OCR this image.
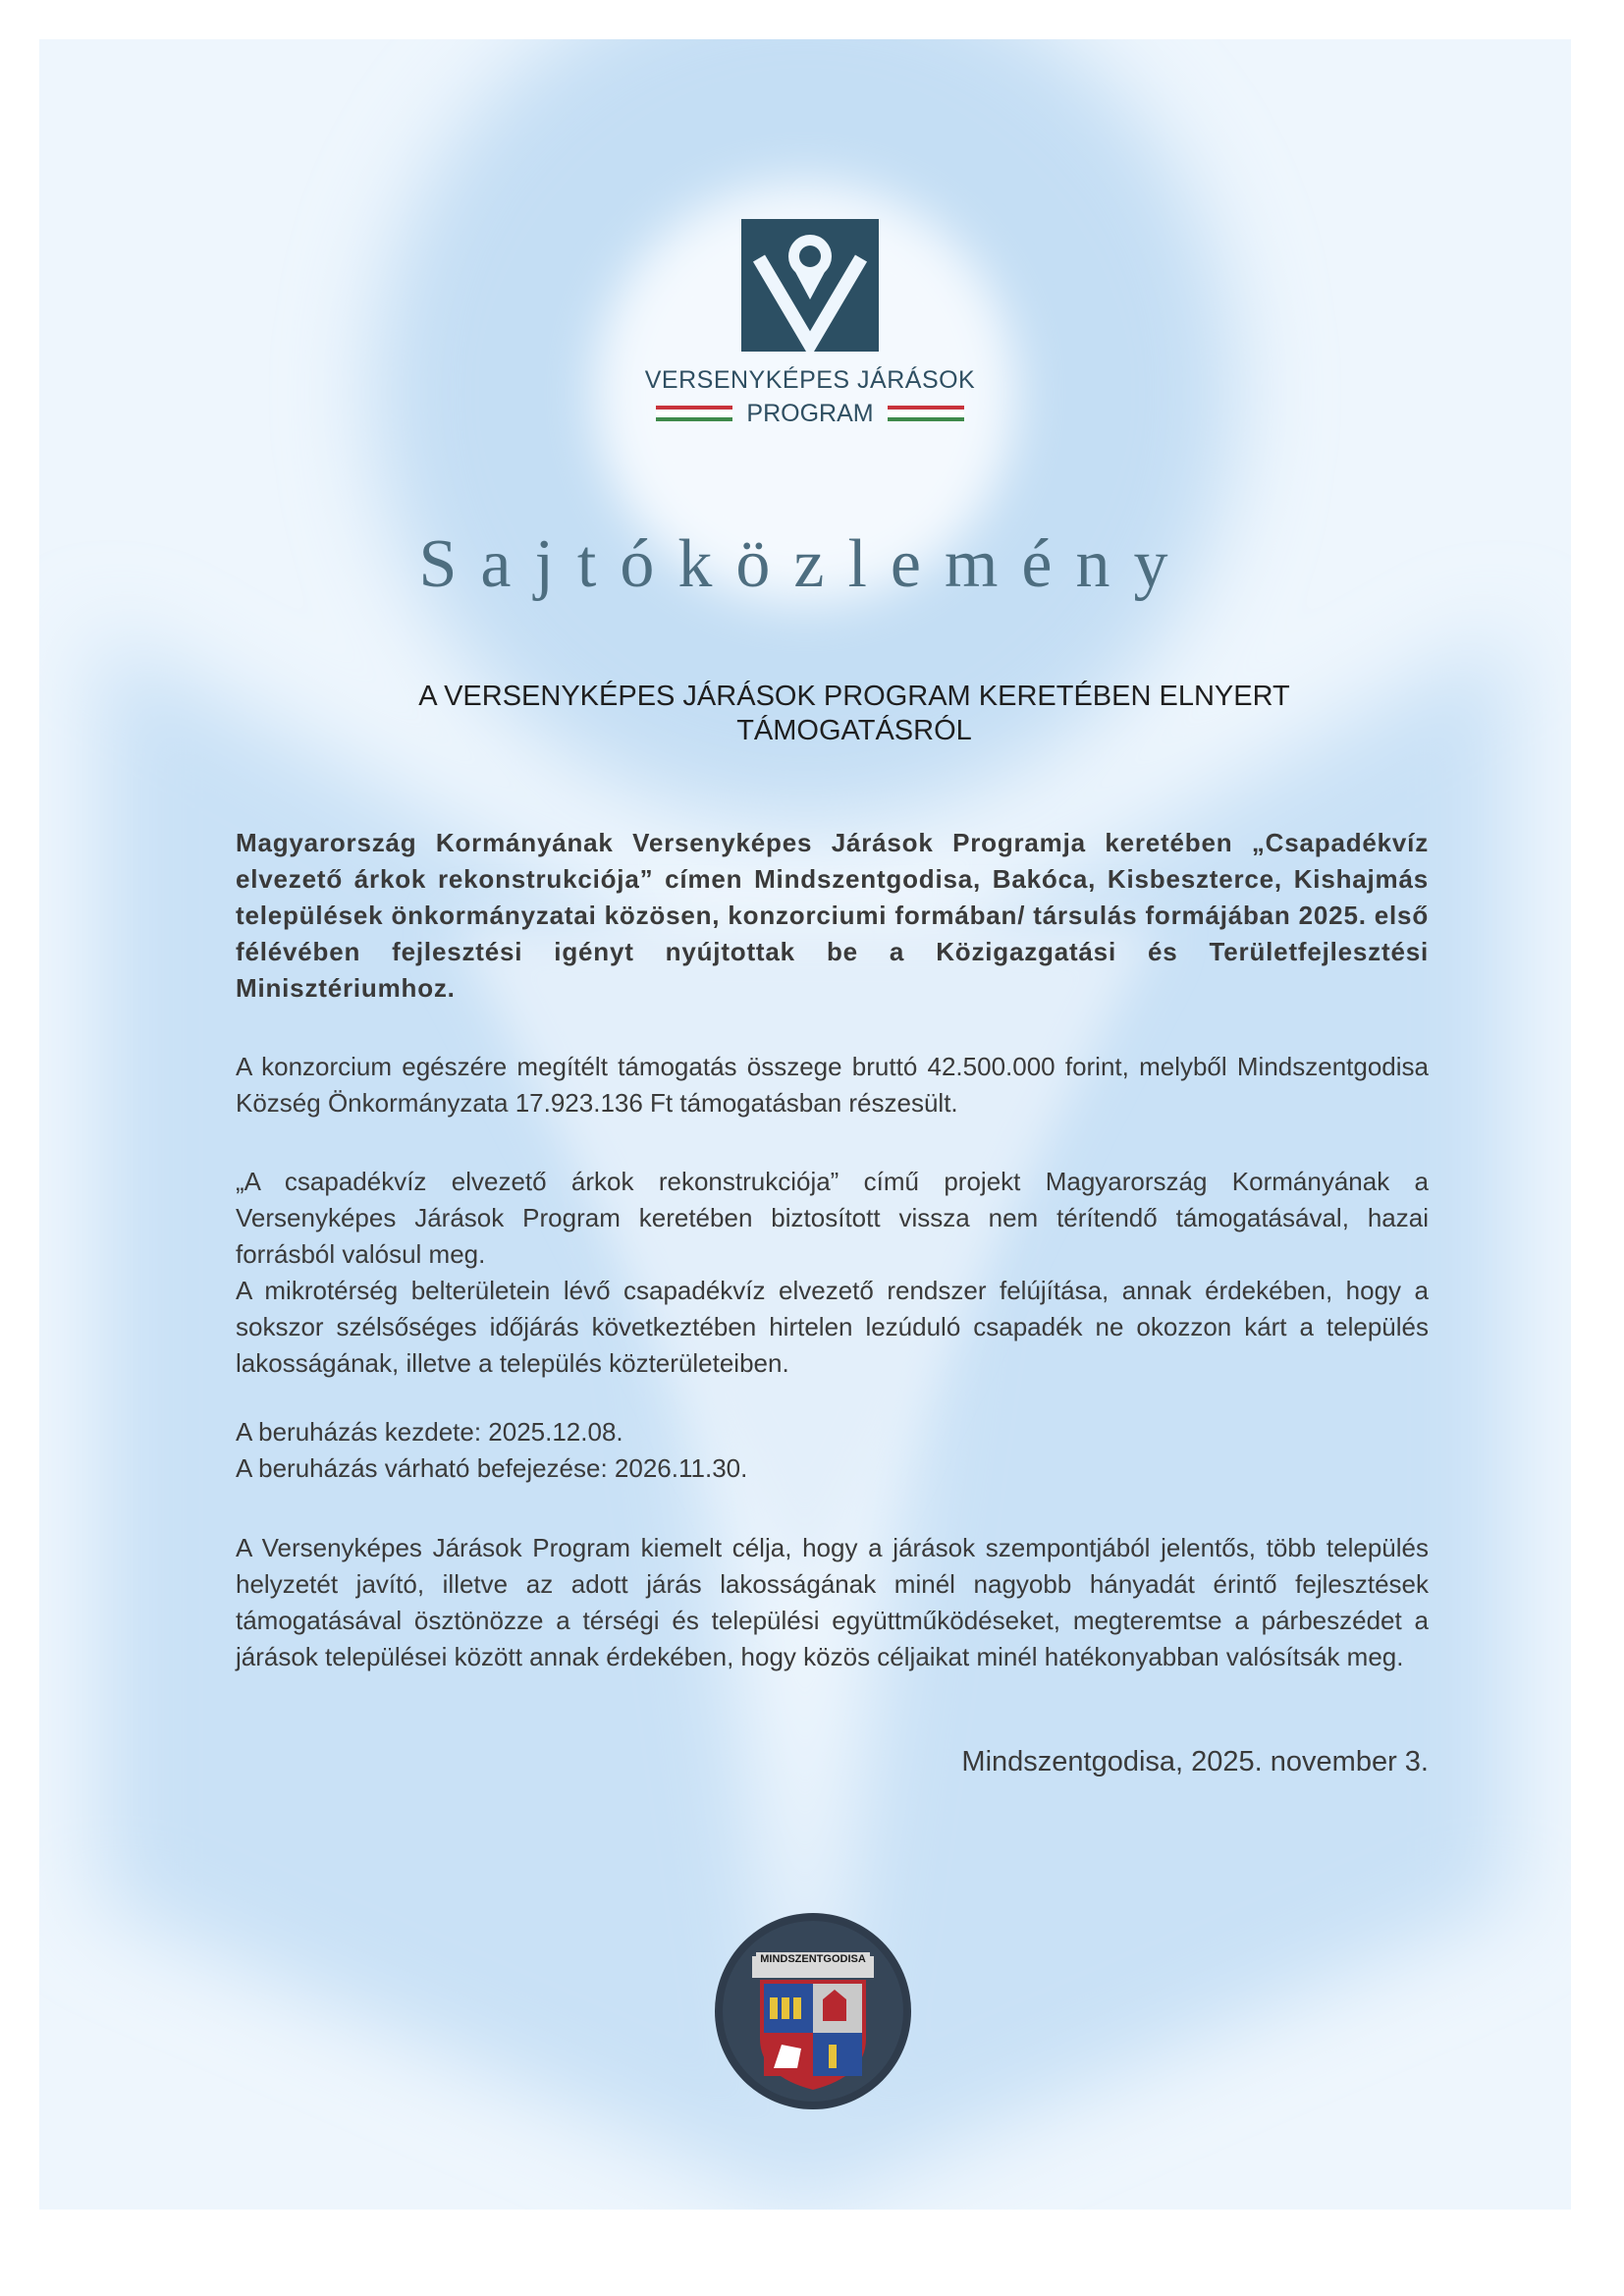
VERSENYKÉPES JÁRÁSOK
PROGRAM
Sajtóközlemény
A VERSENYKÉPES JÁRÁSOK PROGRAM KERETÉBEN ELNYERT
TÁMOGATÁSRÓL

Magyarország Kormányának Versenyképes Járások Programja keretében „Csapadékvíz elvezető árkok rekonstrukciója” címen Mindszentgodisa, Bakóca, Kisbeszterce, Kishajmás települések önkormányzatai közösen, konzorciumi formában/ társulás formájában 2025. első félévében fejlesztési igényt nyújtottak be a Közigazgatási és Területfejlesztési Minisztériumhoz.

A konzorcium egészére megítélt támogatás összege bruttó 42.500.000 forint, melyből Mindszentgodisa Község Önkormányzata 17.923.136 Ft támogatásban részesült.

„A csapadékvíz elvezető árkok rekonstrukciója” című projekt Magyarország Kormányának a Versenyképes Járások Program keretében biztosított vissza nem térítendő támogatásával, hazai forrásból valósul meg.

A mikrotérség belterületein lévő csapadékvíz elvezető rendszer felújítása, annak érdekében, hogy a sokszor szélsőséges időjárás következtében hirtelen lezúduló csapadék ne okozzon kárt a település lakosságának, illetve a település közterületeiben.

A beruházás kezdete: 2025.12.08.

A beruházás várható befejezése: 2026.11.30.

A Versenyképes Járások Program kiemelt célja, hogy a járások szempontjából jelentős, több település helyzetét javító, illetve az adott járás lakosságának minél nagyobb hányadát érintő fejlesztések támogatásával ösztönözze a térségi és települési együttműködéseket, megteremtse a párbeszédet a járások települései között annak érdekében, hogy közös céljaikat minél hatékonyabban valósítsák meg.

Mindszentgodisa, 2025. november 3.
MINDSZENTGODISA
